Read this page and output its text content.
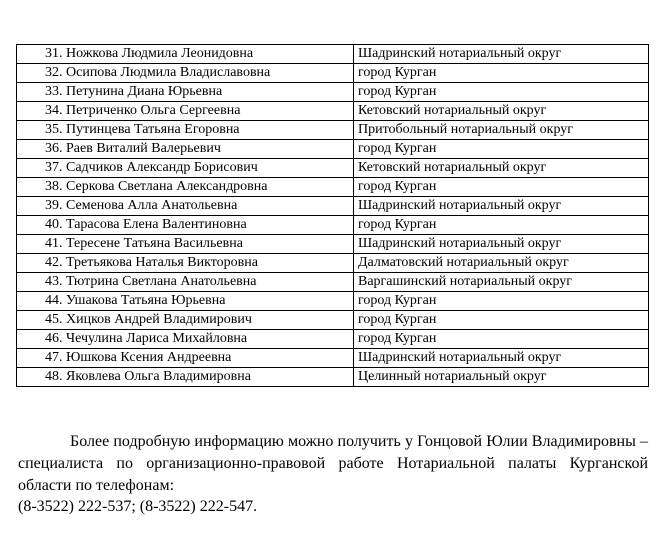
31. Ножкова Людмила Леонидовна	Шадринский нотариальный округ
32. Осипова Людмила Владиславовна	город Курган
33. Петунина Диана Юрьевна	город Курган
34. Петриченко Ольга Сергеевна	Кетовский нотариальный округ
35. Путинцева Татьяна Егоровна	Притобольный нотариальный округ
36. Раев Виталий Валерьевич	город Курган
37. Садчиков Александр Борисович	Кетовский нотариальный округ
38. Серкова Светлана Александровна	город Курган
39. Семенова Алла Анатольевна	Шадринский нотариальный округ
40. Тарасова Елена Валентиновна	город Курган
41. Тересене Татьяна Васильевна	Шадринский нотариальный округ
42. Третьякова Наталья Викторовна	Далматовский нотариальный округ
43. Тютрина Светлана Анатольевна	Варгашинский нотариальный округ
44. Ушакова Татьяна Юрьевна	город Курган
45. Хицков Андрей Владимирович	город Курган
46. Чечулина Лариса Михайловна	город Курган
47. Юшкова Ксения Андреевна	Шадринский нотариальный округ
48. Яковлева Ольга Владимировна	Целинный нотариальный округ

Более подробную информацию можно получить у Гонцовой Юлии Владимировны – специалиста по организационно-правовой работе Нотариальной палаты Курганской области по телефонам:

(8-3522) 222-537; (8-3522) 222-547.
